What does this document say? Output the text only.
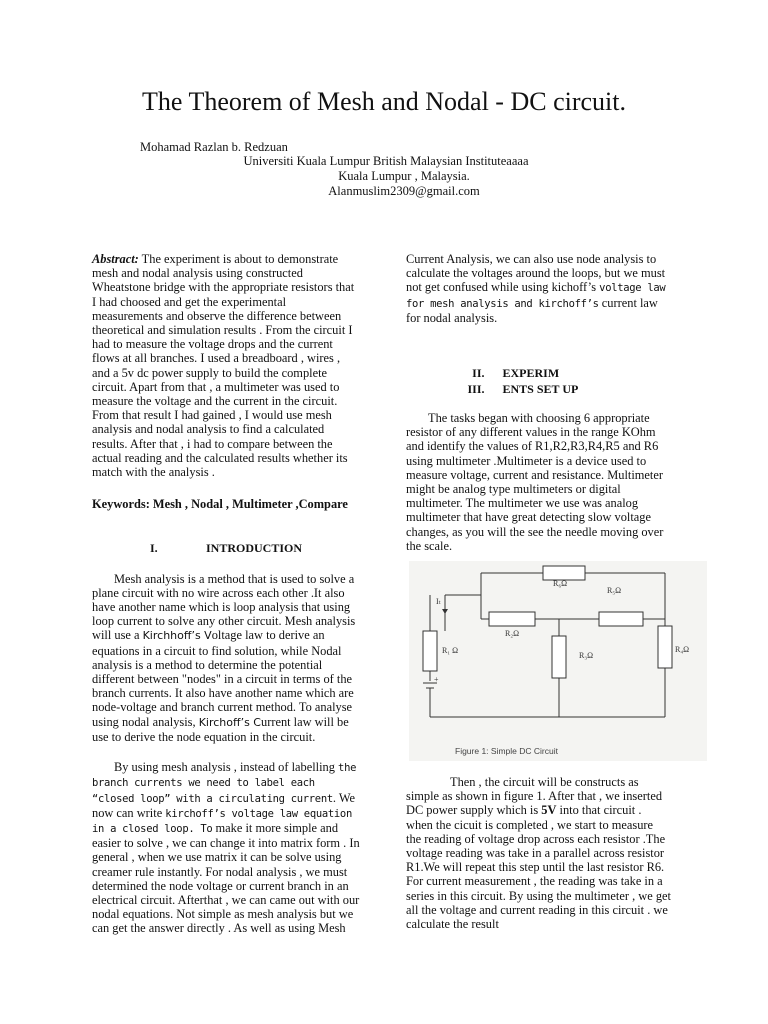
The Theorem of Mesh and Nodal - DC circuit.
Mohamad Razlan b. Redzuan
Universiti Kuala Lumpur British Malaysian Instituteaaaa
Kuala Lumpur , Malaysia.
Alanmuslim2309@gmail.com

Abstract: The experiment is about to demonstrate mesh and nodal analysis using constructed Wheatstone bridge with the appropriate resistors that I had choosed and get the experimental measurements and observe the difference between theoretical and simulation results . From the circuit I had to measure the voltage drops and the current flows at all branches. I used a breadboard , wires , and a 5v dc power supply to build the complete circuit. Apart from that , a multimeter was used to measure the voltage and the current in the circuit. From that result I had gained , I would use mesh analysis and nodal analysis to find a calculated results. After that , i had to compare between the actual reading and the calculated results whether its match with the analysis .

Keywords: Mesh , Nodal , Multimeter ,Compare

I.	INTRODUCTION

Mesh analysis is a method that is used to solve a plane circuit with no wire across each other .It also have another name which is loop analysis that using loop current to solve any other circuit. Mesh analysis will use a Kirchhoff’s Voltage law to derive an equations in a circuit to find solution, while Nodal analysis is a method to determine the potential different between "nodes" in a circuit in terms of the branch currents. It also have another name which are node-voltage and branch current method. To analyse using nodal analysis, Kirchoff’s Current law will be use to derive the node equation in the circuit.

By using mesh analysis , instead of labelling the branch currents we need to label each “closed loop” with a circulating current. We now can write kirchoff’s voltage law equation in a closed loop. To make it more simple and easier to solve , we can change it into matrix form . In general , when we use matrix it can be solve using creamer rule instantly. For nodal analysis , we must determined the node voltage or current branch in an electrical circuit. Afterthat , we can came out with our nodal equations. Not simple as mesh analysis but we can get the answer directly . As well as using Mesh

Current Analysis, we can also use node analysis to calculate the voltages around the loops, but we must not get confused while using kichoff’s voltage law for mesh analysis and kirchoff’s current law for nodal analysis.

II. EXPERIM
III. ENTS SET UP

The tasks began with choosing 6 appropriate resistor of any different values in the range KOhm and identify the values of R1,R2,R3,R4,R5 and R6 using multimeter .Multimeter is a device used to measure voltage, current and resistance. Multimeter might be analog type multimeters or digital multimeter. The multimeter we use was analog multimeter that have great detecting slow voltage changes, as you will the see the needle moving over the scale.

R₆Ω
R₅Ω
R₂Ω
R₁ Ω
R₃Ω
R₄Ω
Iₜ
+
Figure 1: Simple DC Circuit

Then , the circuit will be constructs as simple as shown in figure 1. After that , we inserted DC power supply which is 5V into that circuit . when the cicuit is completed , we start to measure the reading of voltage drop across each resistor .The voltage reading was take in a parallel across resistor R1.We will repeat this step until the last resistor R6. For current measurement , the reading was take in a series in this circuit. By using the multimeter , we get all the voltage and current reading in this circuit . we calculate the result
